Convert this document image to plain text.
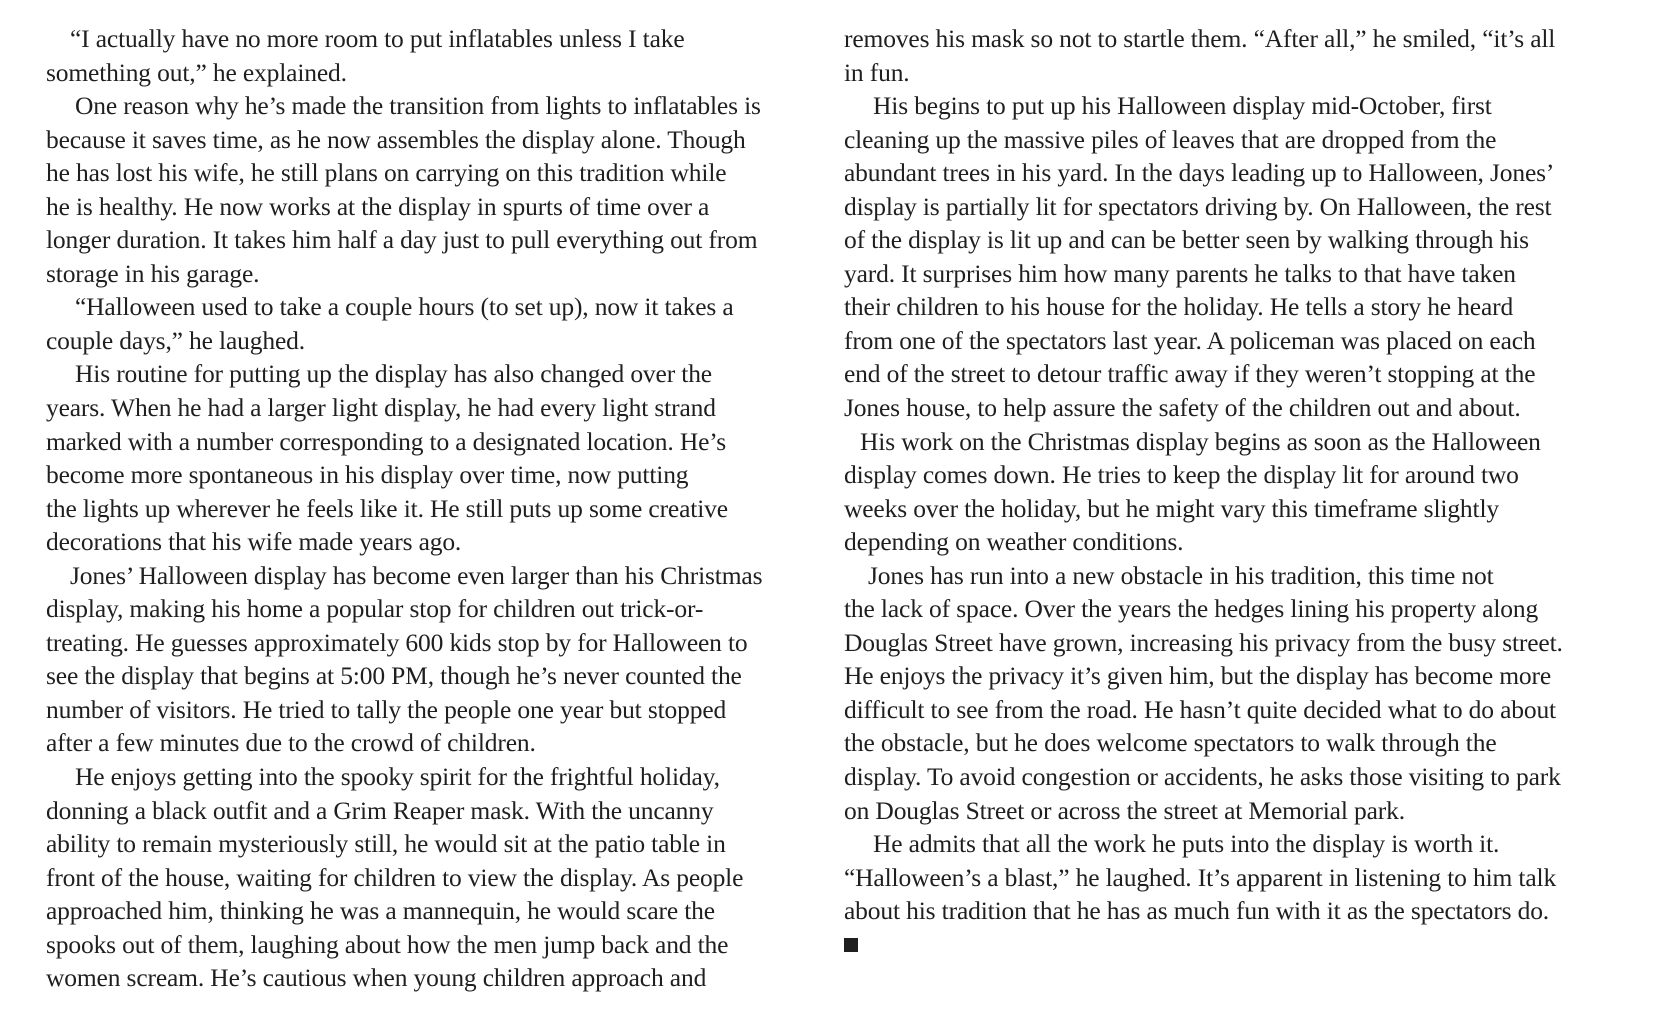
“I actually have no more room to put inflatables unless I take
something out,” he explained.
One reason why he’s made the transition from lights to inflatables is
because it saves time, as he now assembles the display alone. Though
he has lost his wife, he still plans on carrying on this tradition while
he is healthy. He now works at the display in spurts of time over a
longer duration. It takes him half a day just to pull everything out from
storage in his garage.
“Halloween used to take a couple hours (to set up), now it takes a
couple days,” he laughed.
His routine for putting up the display has also changed over the
years. When he had a larger light display, he had every light strand
marked with a number corresponding to a designated location. He’s
become more spontaneous in his display over time, now putting
the lights up wherever he feels like it. He still puts up some creative
decorations that his wife made years ago.
Jones’ Halloween display has become even larger than his Christmas
display, making his home a popular stop for children out trick-or-
treating. He guesses approximately 600 kids stop by for Halloween to
see the display that begins at 5:00 PM, though he’s never counted the
number of visitors. He tried to tally the people one year but stopped
after a few minutes due to the crowd of children.
He enjoys getting into the spooky spirit for the frightful holiday,
donning a black outfit and a Grim Reaper mask. With the uncanny
ability to remain mysteriously still, he would sit at the patio table in
front of the house, waiting for children to view the display. As people
approached him, thinking he was a mannequin, he would scare the
spooks out of them, laughing about how the men jump back and the
women scream. He’s cautious when young children approach and
removes his mask so not to startle them. “After all,” he smiled, “it’s all
in fun.
His begins to put up his Halloween display mid-October, first
cleaning up the massive piles of leaves that are dropped from the
abundant trees in his yard. In the days leading up to Halloween, Jones’
display is partially lit for spectators driving by. On Halloween, the rest
of the display is lit up and can be better seen by walking through his
yard. It surprises him how many parents he talks to that have taken
their children to his house for the holiday. He tells a story he heard
from one of the spectators last year. A policeman was placed on each
end of the street to detour traffic away if they weren’t stopping at the
Jones house, to help assure the safety of the children out and about.
His work on the Christmas display begins as soon as the Halloween
display comes down. He tries to keep the display lit for around two
weeks over the holiday, but he might vary this timeframe slightly
depending on weather conditions.
Jones has run into a new obstacle in his tradition, this time not
the lack of space. Over the years the hedges lining his property along
Douglas Street have grown, increasing his privacy from the busy street.
He enjoys the privacy it’s given him, but the display has become more
difficult to see from the road. He hasn’t quite decided what to do about
the obstacle, but he does welcome spectators to walk through the
display. To avoid congestion or accidents, he asks those visiting to park
on Douglas Street or across the street at Memorial park.
He admits that all the work he puts into the display is worth it.
“Halloween’s a blast,” he laughed. It’s apparent in listening to him talk
about his tradition that he has as much fun with it as the spectators do.
